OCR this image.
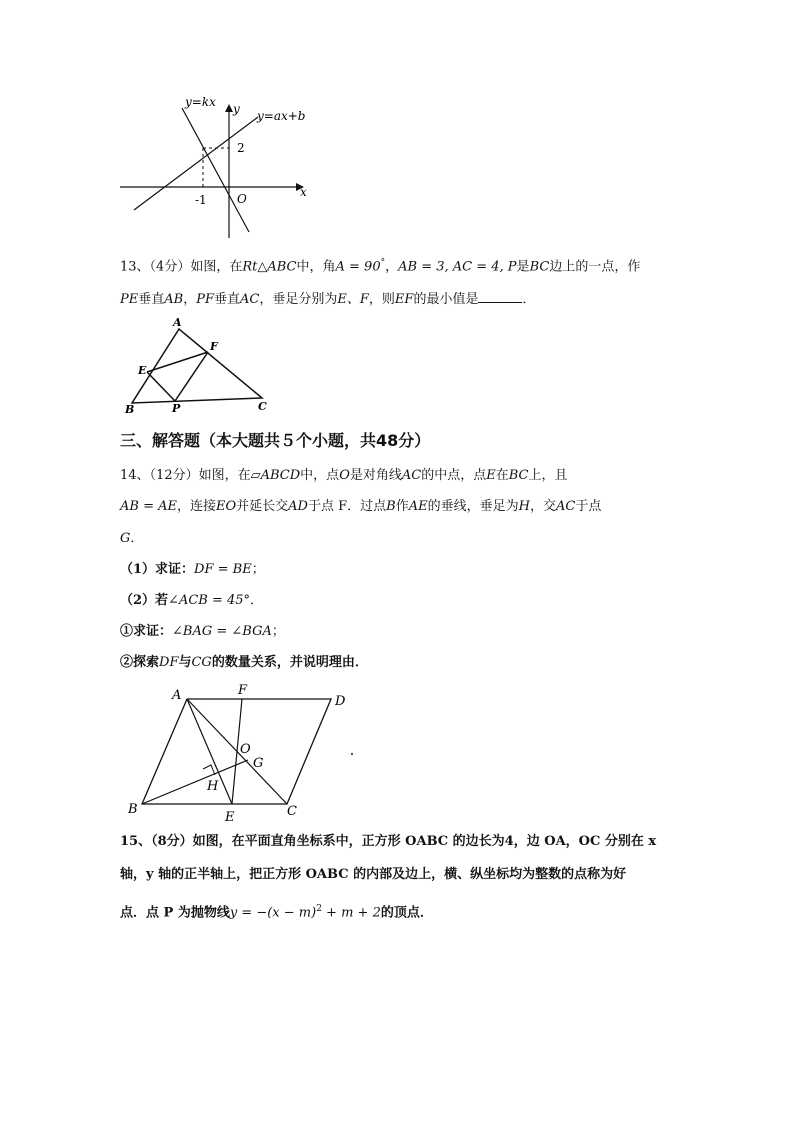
y=kx y y=ax+b
x
O
2
-1
13、（4分）如图，在Rt△ABC中，角A = 90°，AB = 3, AC = 4, P是BC边上的一点，作
PE垂直AB，PF垂直AC，垂足分别为E、F，则EF的最小值是	．
A
F
E
B	P	C
三、解答题（本大题共５个小题，共48分）
14、（12分）如图，在▱ABCD中，点O是对角线AC的中点，点E在BC上，且
AB = AE，连接EO并延长交AD于点 F．过点B作AE的垂线，垂足为H，交AC于点
G．
（1）求证：DF = BE；
（2）若∠ACB = 45°．
①求证：∠BAG = ∠BGA；
②探索DF与CG的数量关系，并说明理由．
A	F
D
O
G
H
B
E	C
15、（8分）如图，在平面直角坐标系中，正方形 OABC 的边长为4，边 OA，OC 分别在 x
轴，y 轴的正半轴上，把正方形 OABC 的内部及边上，横、纵坐标均为整数的点称为好
点．点 P 为抛物线$y = -(x - m)^2 + m + 2$的顶点．
